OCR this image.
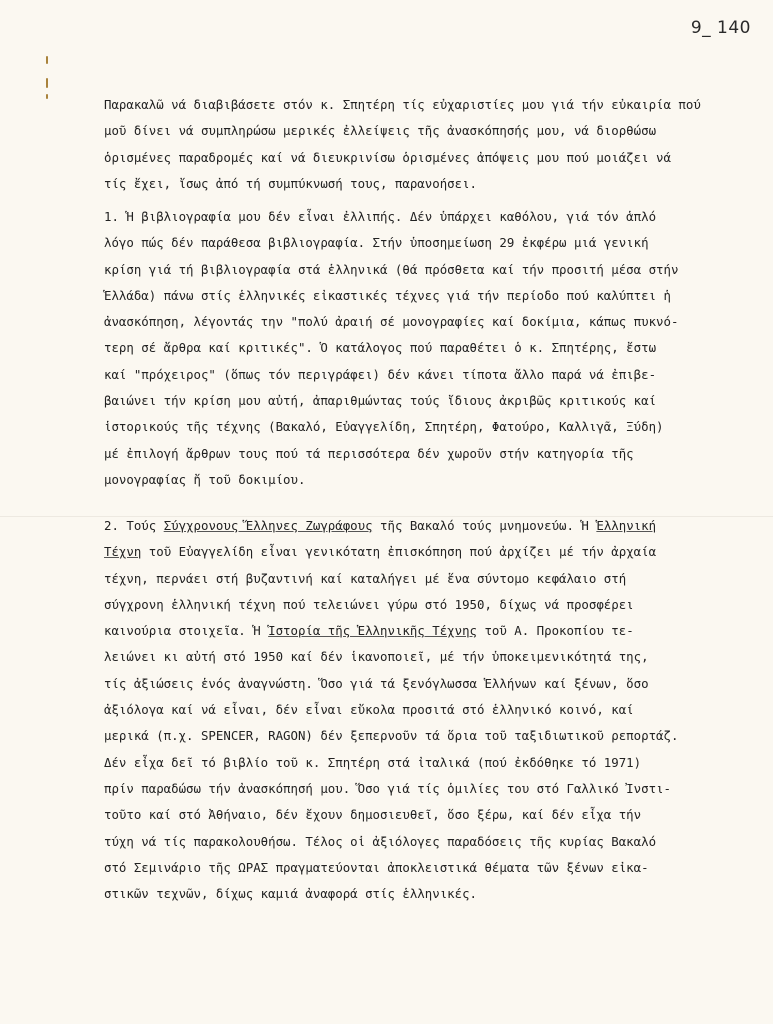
9_ 140
Παρακαλῶ νά διαβιβάσετε στόν κ. Σπητέρη τίς εὐχαριστίες μου γιά τήν εὐκαιρία πού
μοῦ δίνει νά συμπληρώσω μερικές ἐλλείψεις τῆς ἀνασκόπησής μου, νά διορθώσω
ὁρισμένες παραδρομές καί νά διευκρινίσω ὁρισμένες ἀπόψεις μου πού μοιάζει νά
τίς ἔχει, ἴσως ἀπό τή συμπύκνωσή τους, παρανοήσει.
1. Ἡ βιβλιογραφία μου δέν εἶναι ἐλλιπής. Δέν ὑπάρχει καθόλου, γιά τόν ἁπλό
λόγο πώς δέν παράθεσα βιβλιογραφία. Στήν ὑποσημείωση 29 ἐκφέρω μιά γενική
κρίση γιά τή βιβλιογραφία στά ἑλληνικά (θά πρόσθετα καί τήν προσιτή μέσα στήν
Ἑλλάδα) πάνω στίς ἑλληνικές εἰκαστικές τέχνες γιά τήν περίοδο πού καλύπτει ἡ
ἀνασκόπηση, λέγοντάς την "πολύ ἀραιή σέ μονογραφίες καί δοκίμια, κάπως πυκνό-
τερη σέ ἄρθρα καί κριτικές". Ὁ κατάλογος πού παραθέτει ὁ κ. Σπητέρης, ἔστω
καί "πρόχειρος" (ὅπως τόν περιγράφει) δέν κάνει τίποτα ἄλλο παρά νά ἐπιβε-
βαιώνει τήν κρίση μου αὐτή, ἀπαριθμώντας τούς ἴδιους ἀκριβῶς κριτικούς καί
ἱστορικούς τῆς τέχνης (Βακαλό, Εὐαγγελίδη, Σπητέρη, Φατούρο, Καλλιγᾶ, Ξύδη)
μέ ἐπιλογή ἄρθρων τους πού τά περισσότερα δέν χωροῦν στήν κατηγορία τῆς
μονογραφίας ἤ τοῦ δοκιμίου.
2. Τούς Σύγχρονους Ἕλληνες Ζωγράφους τῆς Βακαλό τούς μνημονεύω. Ἡ Ἑλληνική
Τέχνη τοῦ Εὐαγγελίδη εἶναι γενικότατη ἐπισκόπηση πού ἀρχίζει μέ τήν ἀρχαία
τέχνη, περνάει στή βυζαντινή καί καταλήγει μέ ἕνα σύντομο κεφάλαιο στή
σύγχρονη ἑλληνική τέχνη πού τελειώνει γύρω στό 1950, δίχως νά προσφέρει
καινούρια στοιχεῖα. Ἡ Ἱστορία τῆς Ἑλληνικῆς Τέχνης τοῦ Α. Προκοπίου τε-
λειώνει κι αὐτή στό 1950 καί δέν ἱκανοποιεῖ, μέ τήν ὑποκειμενικότητά της,
τίς ἀξιώσεις ἑνός ἀναγνώστη. Ὅσο γιά τά ξενόγλωσσα Ἑλλήνων καί ξένων, ὅσο
ἀξιόλογα καί νά εἶναι, δέν εἶναι εὔκολα προσιτά στό ἑλληνικό κοινό, καί
μερικά (π.χ. SPENCER, RAGON) δέν ξεπερνοῦν τά ὅρια τοῦ ταξιδιωτικοῦ ρεπορτάζ.
Δέν εἶχα δεῖ τό βιβλίο τοῦ κ. Σπητέρη στά ἰταλικά (πού ἐκδόθηκε τό 1971)
πρίν παραδώσω τήν ἀνασκόπησή μου. Ὅσο γιά τίς ὁμιλίες του στό Γαλλικό Ἰνστι-
τοῦτο καί στό Ἀθήναιο, δέν ἔχουν δημοσιευθεῖ, ὅσο ξέρω, καί δέν εἶχα τήν
τύχη νά τίς παρακολουθήσω. Τέλος οἱ ἀξιόλογες παραδόσεις τῆς κυρίας Βακαλό
στό Σεμινάριο τῆς ΩΡΑΣ πραγματεύονται ἀποκλειστικά θέματα τῶν ξένων εἰκα-
στικῶν τεχνῶν, δίχως καμιά ἀναφορά στίς ἑλληνικές.
